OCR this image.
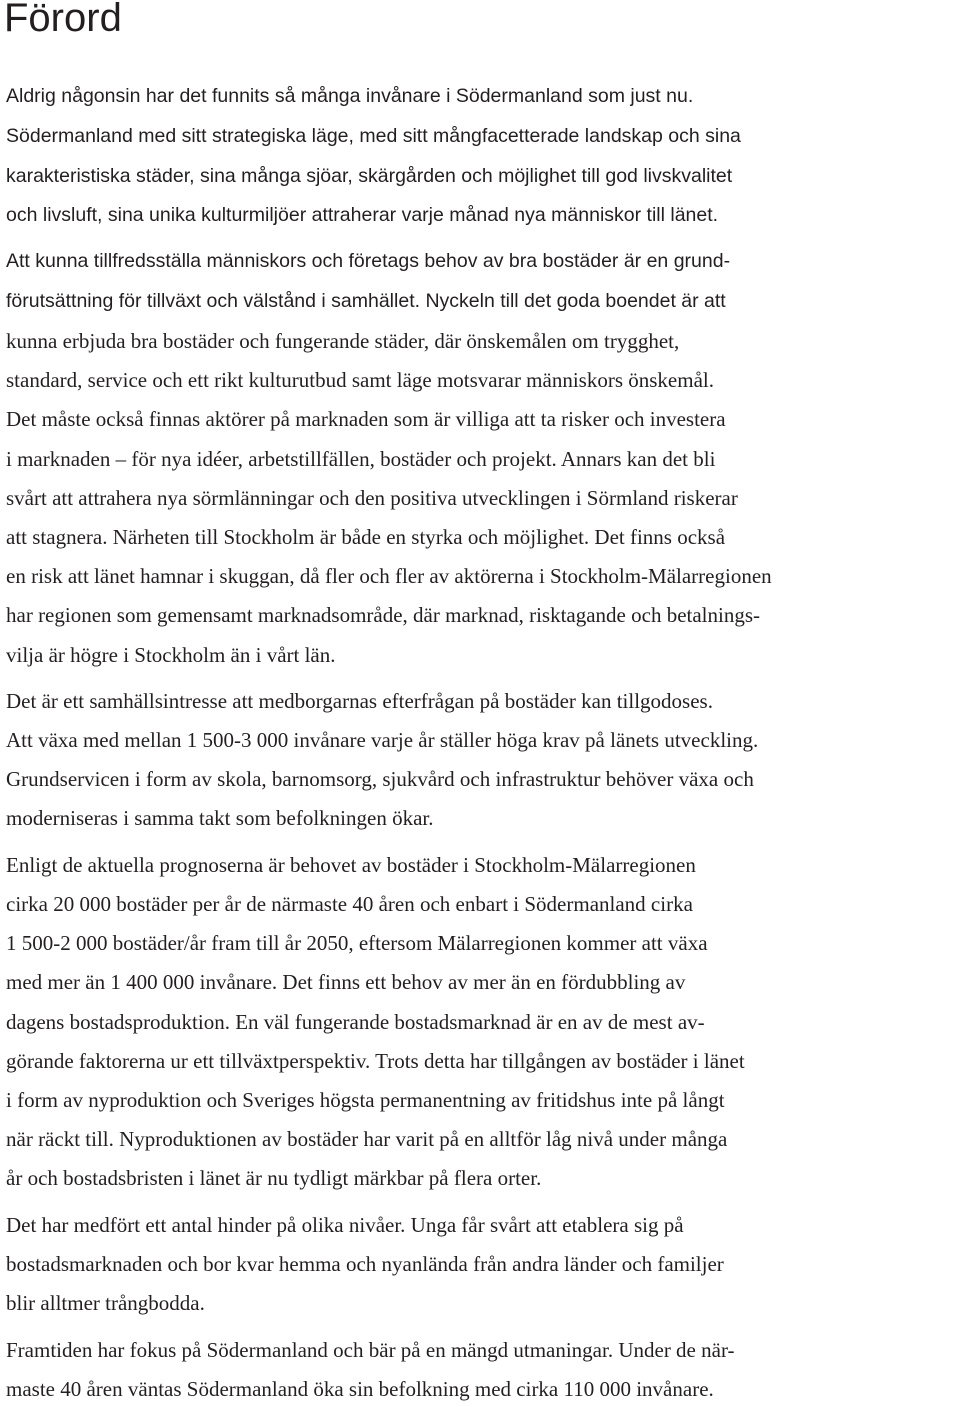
Förord
Aldrig någonsin har det funnits så många invånare i Södermanland som just nu.
Södermanland med sitt strategiska läge, med sitt mångfacetterade landskap och sina
karakteristiska städer, sina många sjöar, skärgården och möjlighet till god livskvalitet
och livsluft, sina unika kulturmiljöer attraherar varje månad nya människor till länet.
Att kunna tillfredsställa människors och företags behov av bra bostäder är en grund-
förutsättning för tillväxt och välstånd i samhället. Nyckeln till det goda boendet är att
kunna erbjuda bra bostäder och fungerande städer, där önskemålen om trygghet,
standard, service och ett rikt kulturutbud samt läge motsvarar människors önskemål.
Det måste också finnas aktörer på marknaden som är villiga att ta risker och investera
i marknaden – för nya idéer, arbetstillfällen, bostäder och projekt. Annars kan det bli
svårt att attrahera nya sörmlänningar och den positiva utvecklingen i Sörmland riskerar
att stagnera. Närheten till Stockholm är både en styrka och möjlighet. Det finns också
en risk att länet hamnar i skuggan, då fler och fler av aktörerna i Stockholm-Mälarregionen
har regionen som gemensamt marknadsområde, där marknad, risktagande och betalnings-
vilja är högre i Stockholm än i vårt län.
Det är ett samhällsintresse att medborgarnas efterfrågan på bostäder kan tillgodoses.
Att växa med mellan 1 500-3 000 invånare varje år ställer höga krav på länets utveckling.
Grundservicen i form av skola, barnomsorg, sjukvård och infrastruktur behöver växa och
moderniseras i samma takt som befolkningen ökar.
Enligt de aktuella prognoserna är behovet av bostäder i Stockholm-Mälarregionen
cirka 20 000 bostäder per år de närmaste 40 åren och enbart i Södermanland cirka
1 500-2 000 bostäder/år fram till år 2050, eftersom Mälarregionen kommer att växa
med mer än 1 400 000 invånare. Det finns ett behov av mer än en fördubbling av
dagens bostadsproduktion. En väl fungerande bostadsmarknad är en av de mest av-
görande faktorerna ur ett tillväxtperspektiv. Trots detta har tillgången av bostäder i länet
i form av nyproduktion och Sveriges högsta permanentning av fritidshus inte på långt
när räckt till. Nyproduktionen av bostäder har varit på en alltför låg nivå under många
år och bostadsbristen i länet är nu tydligt märkbar på flera orter.
Det har medfört ett antal hinder på olika nivåer. Unga får svårt att etablera sig på
bostadsmarknaden och bor kvar hemma och nyanlända från andra länder och familjer
blir alltmer trångbodda.
Framtiden har fokus på Södermanland och bär på en mängd utmaningar. Under de när-
maste 40 åren väntas Södermanland öka sin befolkning med cirka 110 000 invånare.
